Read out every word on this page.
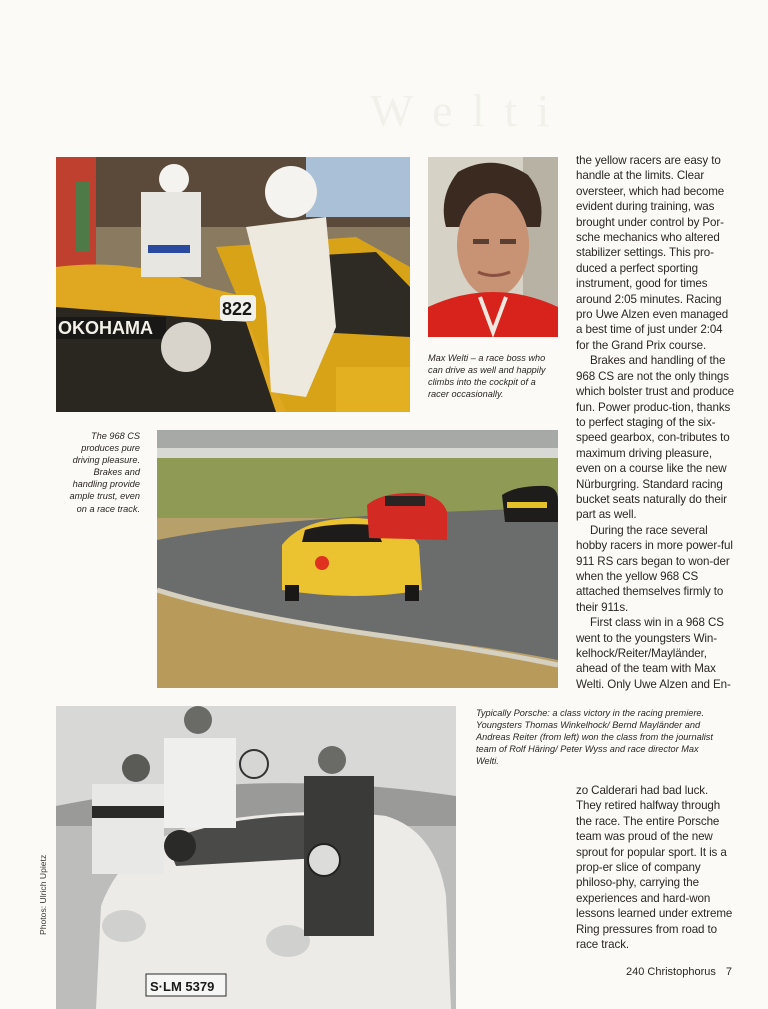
W e l t i
OKOHAMA
822
S·LM 5379
Max Welti – a race boss who can drive as well and happily climbs into the cockpit of a racer occasionally.
The 968 CS produces pure driving pleasure. Brakes and handling provide ample trust, even on a race track.
Typically Porsche: a class victory in the racing premiere. Youngsters Thomas Winkelhock/ Bernd Mayländer and Andreas Reiter (from left) won the class from the journalist team of Rolf Häring/ Peter Wyss and race director Max Welti.

the yellow racers are easy to handle at the limits. Clear oversteer, which had become evident during training, was brought under control by Por-sche mechanics who altered stabilizer settings. This pro-duced a perfect sporting instrument, good for times around 2:05 minutes. Racing pro Uwe Alzen even managed a best time of just under 2:04 for the Grand Prix course.

Brakes and handling of the 968 CS are not the only things which bolster trust and produce fun. Power produc-tion, thanks to perfect staging of the six-speed gearbox, con-tributes to maximum driving pleasure, even on a course like the new Nürburgring. Standard racing bucket seats naturally do their part as well.

During the race several hobby racers in more power-ful 911 RS cars began to won-der when the yellow 968 CS attached themselves firmly to their 911s.

First class win in a 968 CS went to the youngsters Win-kelhock/Reiter/Mayländer, ahead of the team with Max Welti. Only Uwe Alzen and En-

zo Calderari had bad luck. They retired halfway through the race. The entire Porsche team was proud of the new sprout for popular sport. It is a prop-er slice of company philoso-phy, carrying the experiences and hard-won lessons learned under extreme Ring pressures from road to race track.

Photos: Ulrich Upietz
240 Christophorus 7
